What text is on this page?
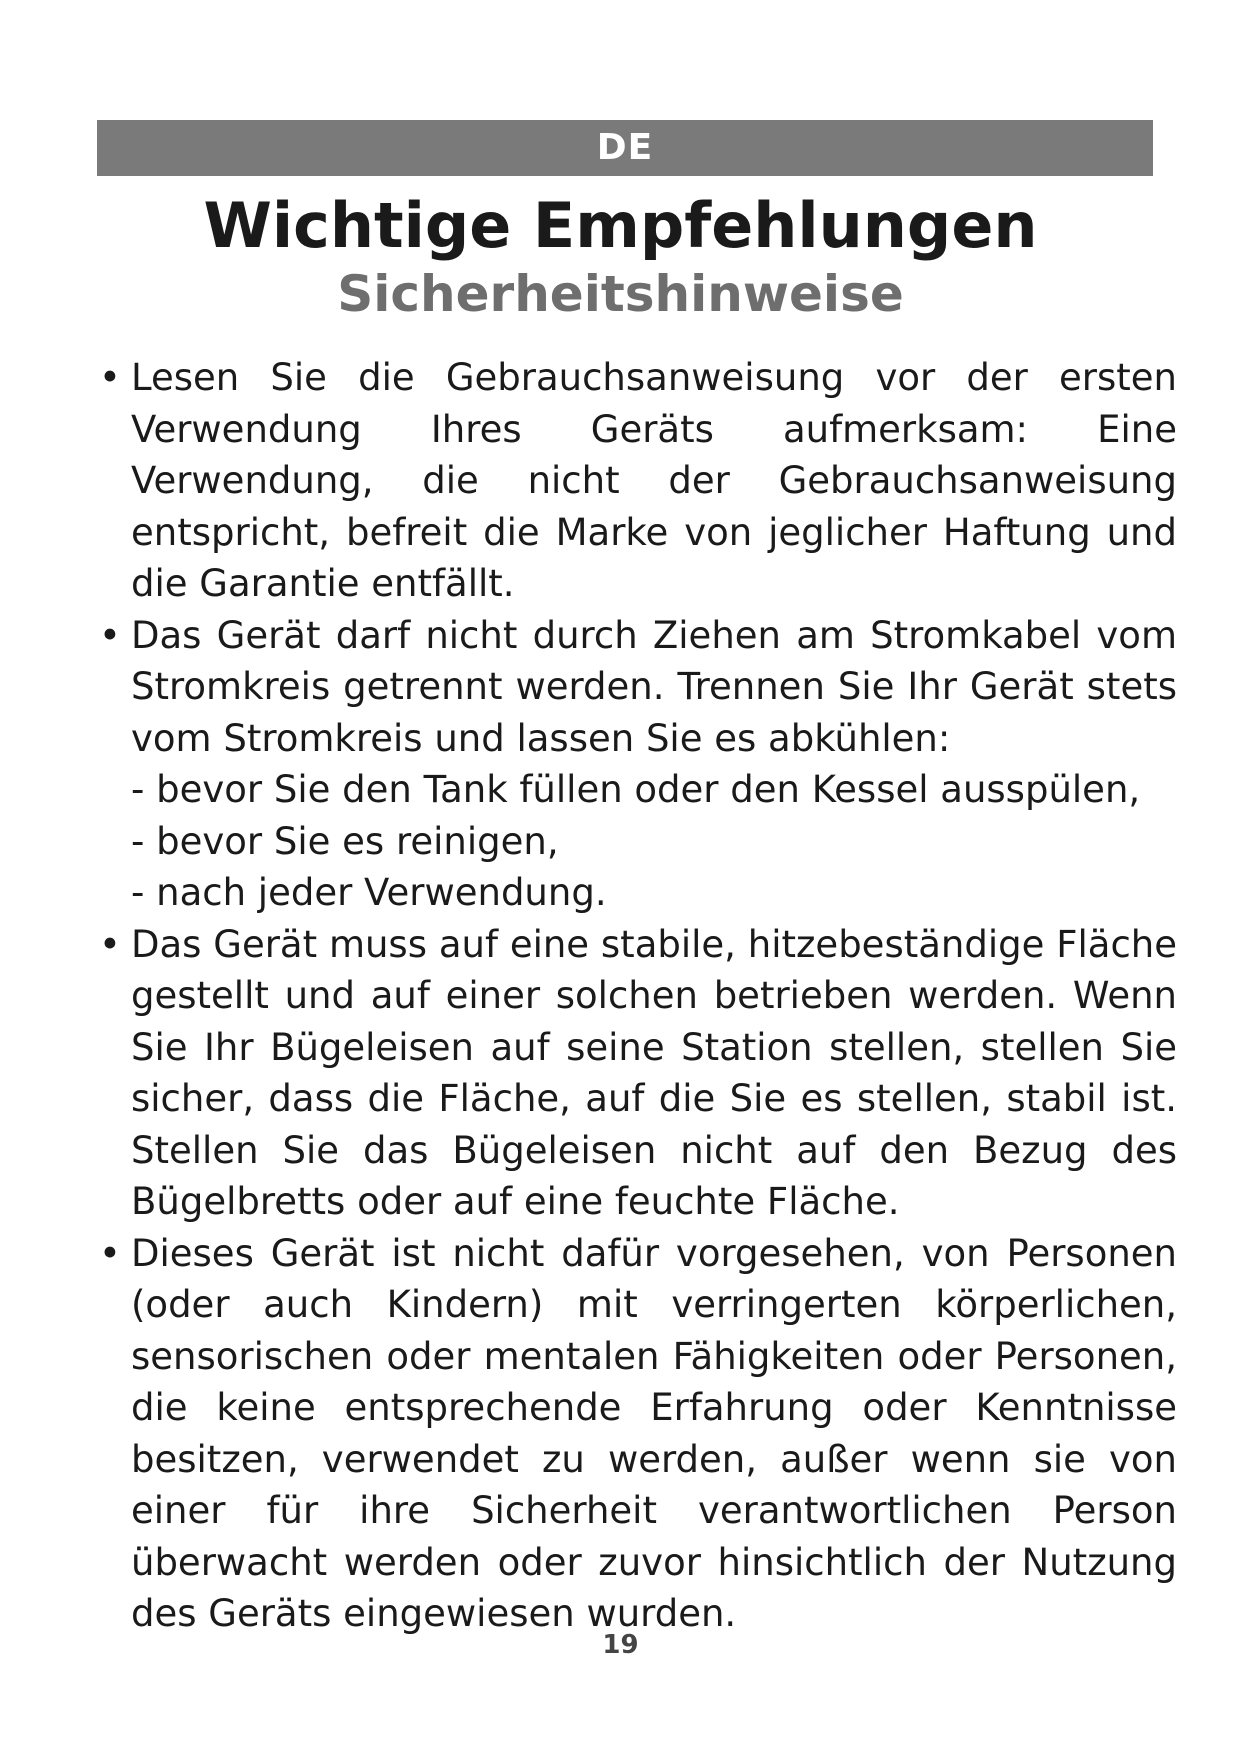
DE
Wichtige Empfehlungen
Sicherheitshinweise
• Lesen Sie die Gebrauchsanweisung vor der ersten Verwendung Ihres Geräts aufmerksam: Eine Verwendung, die nicht der Gebrauchsanweisung entspricht, befreit die Marke von jeglicher Haftung und die Garantie entfällt.
• Das Gerät darf nicht durch Ziehen am Stromkabel vom Stromkreis getrennt werden. Trennen Sie Ihr Gerät stets vom Stromkreis und lassen Sie es abkühlen:
- bevor Sie den Tank füllen oder den Kessel ausspülen,
- bevor Sie es reinigen,
- nach jeder Verwendung.
• Das Gerät muss auf eine stabile, hitzebeständige Fläche gestellt und auf einer solchen betrieben werden. Wenn Sie Ihr Bügeleisen auf seine Station stellen, stellen Sie sicher, dass die Fläche, auf die Sie es stellen, stabil ist. Stellen Sie das Bügeleisen nicht auf den Bezug des Bügelbretts oder auf eine feuchte Fläche.
• Dieses Gerät ist nicht dafür vorgesehen, von Personen (oder auch Kindern) mit verringerten körperlichen, sensorischen oder mentalen Fähigkeiten oder Personen, die keine entsprechende Erfahrung oder Kenntnisse besitzen, verwendet zu werden, außer wenn sie von einer für ihre Sicherheit verantwortlichen Person überwacht werden oder zuvor hinsichtlich der Nutzung des Geräts eingewiesen wurden.
19
